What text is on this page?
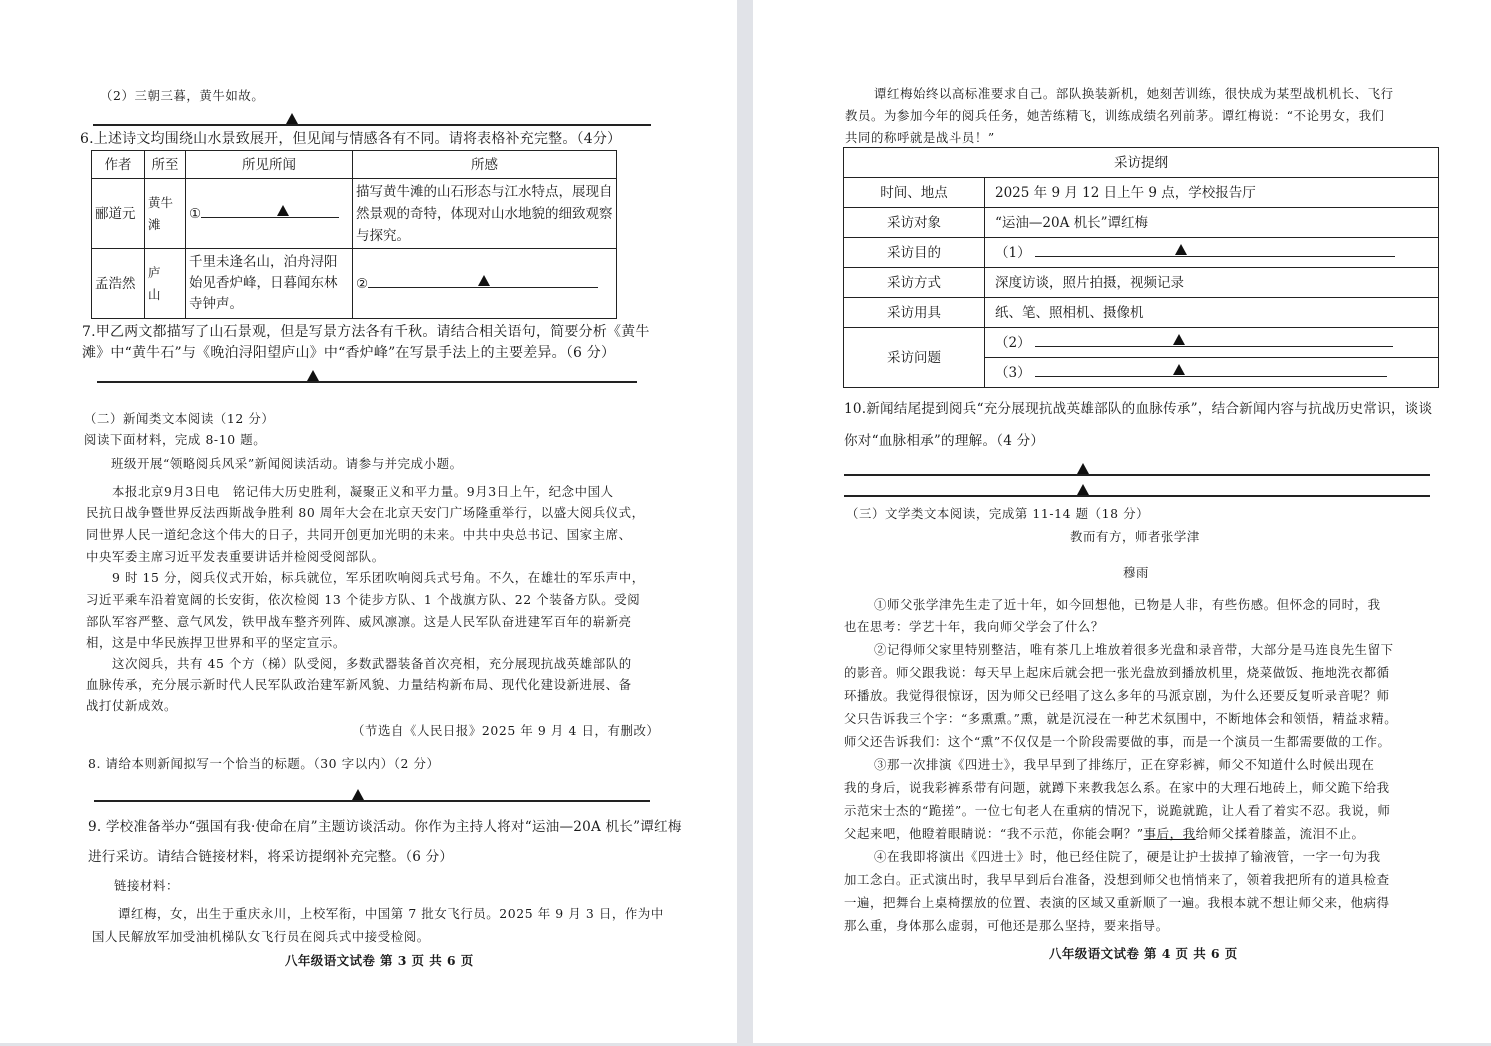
（2）三朝三暮，黄牛如故。
6.上述诗文均围绕山水景致展开，但见闻与情感各有不同。请将表格补充完整。（4分）
作者	所至	所见所闻	所感
郦道元	黄牛滩	①	描写黄牛滩的山石形态与江水特点，展现自然景观的奇特，体现对山水地貌的细致观察与探究。
孟浩然	庐　山	千里未逢名山，泊舟浔阳始见香炉峰，日暮闻东林寺钟声。	②
7.甲乙两文都描写了山石景观，但是写景方法各有千秋。请结合相关语句，简要分析《黄牛
滩》中“黄牛石”与《晚泊浔阳望庐山》中“香炉峰”在写景手法上的主要差异。（6 分）
（二）新闻类文本阅读（12 分）
阅读下面材料，完成 8-10 题。
班级开展“领略阅兵风采”新闻阅读活动。请参与并完成小题。
本报北京9月3日电　铭记伟大历史胜利，凝聚正义和平力量。9月3日上午，纪念中国人
民抗日战争暨世界反法西斯战争胜利 80 周年大会在北京天安门广场隆重举行，以盛大阅兵仪式，
同世界人民一道纪念这个伟大的日子，共同开创更加光明的未来。中共中央总书记、国家主席、
中央军委主席习近平发表重要讲话并检阅受阅部队。
9 时 15 分，阅兵仪式开始，标兵就位，军乐团吹响阅兵式号角。不久，在雄壮的军乐声中，
习近平乘车沿着宽阔的长安街，依次检阅 13 个徒步方队、1 个战旗方队、22 个装备方队。受阅
部队军容严整、意气风发，铁甲战车整齐列阵、威风凛凛。这是人民军队奋进建军百年的崭新亮
相，这是中华民族捍卫世界和平的坚定宣示。
这次阅兵，共有 45 个方（梯）队受阅，多数武器装备首次亮相，充分展现抗战英雄部队的
血脉传承，充分展示新时代人民军队政治建军新风貌、力量结构新布局、现代化建设新进展、备
战打仗新成效。
（节选自《人民日报》2025 年 9 月 4 日，有删改）
8. 请给本则新闻拟写一个恰当的标题。（30 字以内）（2 分）
9. 学校准备举办“强国有我·使命在肩”主题访谈活动。你作为主持人将对“运油—20A 机长”谭红梅
进行采访。请结合链接材料，将采访提纲补充完整。（6 分）
链接材料：
谭红梅，女，出生于重庆永川，上校军衔，中国第 7 批女飞行员。2025 年 9 月 3 日，作为中
国人民解放军加受油机梯队女飞行员在阅兵式中接受检阅。
八年级语文试卷 第 3 页 共 6 页
谭红梅始终以高标准要求自己。部队换装新机，她刻苦训练，很快成为某型战机机长、飞行
教员。为参加今年的阅兵任务，她苦练精飞，训练成绩名列前茅。谭红梅说：“不论男女，我们
共同的称呼就是战斗员！”
采访提纲	
时间、地点	2025 年 9 月 12 日上午 9 点，学校报告厅
采访对象	“运油—20A 机长”谭红梅
采访目的	（1）

采访方式	深度访谈，照片拍摄，视频记录
采访用具	纸、笔、照相机、摄像机
采访问题	（2）

	（3）
10.新闻结尾提到阅兵“充分展现抗战英雄部队的血脉传承”，结合新闻内容与抗战历史常识，谈谈
你对“血脉相承”的理解。（4 分）
（三）文学类文本阅读，完成第 11-14 题（18 分）
教而有方，师者张学津
穆雨
①师父张学津先生走了近十年，如今回想他，已物是人非，有些伤感。但怀念的同时，我
也在思考：学艺十年，我向师父学会了什么？
②记得师父家里特别整洁，唯有茶几上堆放着很多光盘和录音带，大部分是马连良先生留下
的影音。师父跟我说：每天早上起床后就会把一张光盘放到播放机里，烧菜做饭、拖地洗衣都循
环播放。我觉得很惊讶，因为师父已经唱了这么多年的马派京剧，为什么还要反复听录音呢？师
父只告诉我三个字：“多熏熏。”熏，就是沉浸在一种艺术氛围中，不断地体会和领悟，精益求精。
师父还告诉我们：这个“熏”不仅仅是一个阶段需要做的事，而是一个演员一生都需要做的工作。
③那一次排演《四进士》，我早早到了排练厅，正在穿彩裤，师父不知道什么时候出现在
我的身后，说我彩裤系带有问题，就蹲下来教我怎么系。在家中的大理石地砖上，师父跪下给我
示范宋士杰的“跪搓”。一位七旬老人在重病的情况下，说跪就跪，让人看了着实不忍。我说，师
父起来吧，他瞪着眼睛说：“我不示范，你能会啊？”事后，我给师父揉着膝盖，流泪不止。
④在我即将演出《四进士》时，他已经住院了，硬是让护士拔掉了输液管，一字一句为我
加工念白。正式演出时，我早早到后台准备，没想到师父也悄悄来了，领着我把所有的道具检查
一遍，把舞台上桌椅摆放的位置、表演的区域又重新顺了一遍。我根本就不想让师父来，他病得
那么重，身体那么虚弱，可他还是那么坚持，要来指导。
八年级语文试卷 第 4 页 共 6 页
